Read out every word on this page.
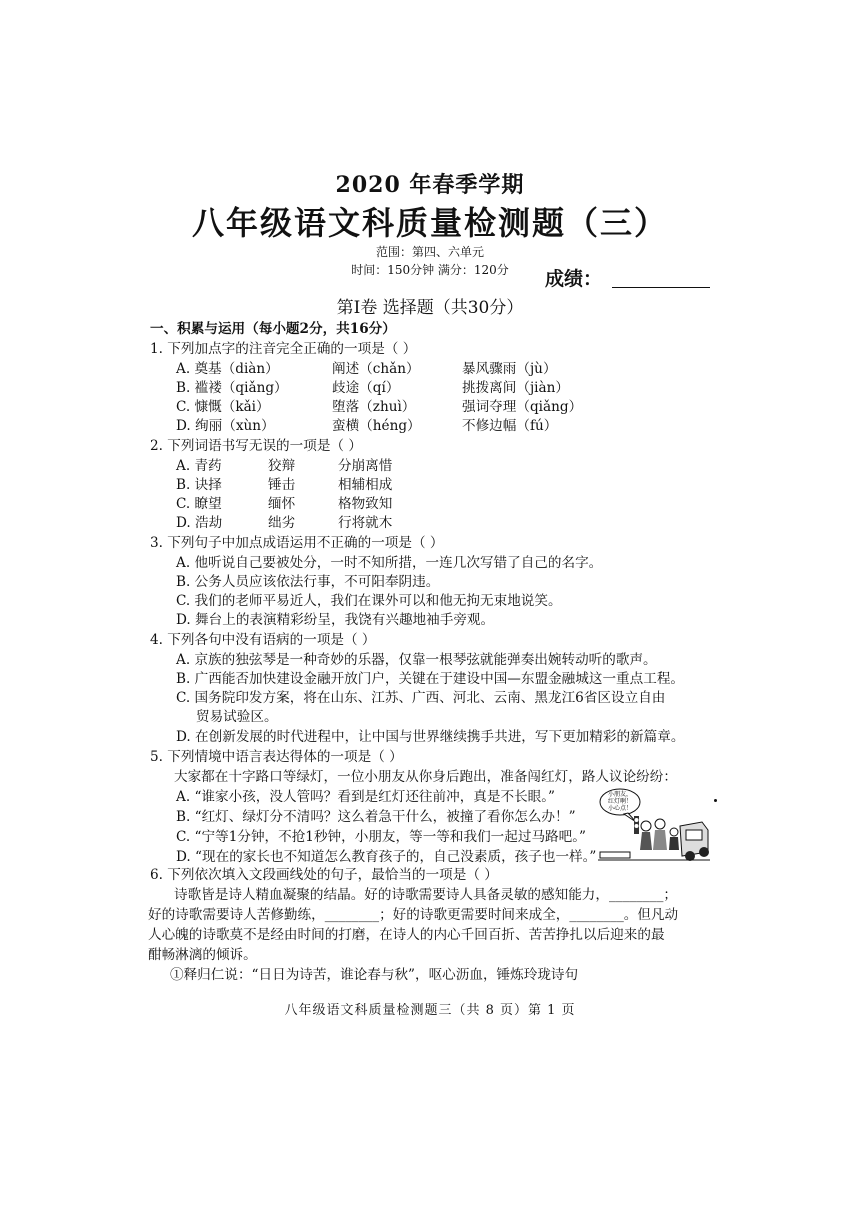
2020 年春季学期
八年级语文科质量检测题（三）
范围：第四、六单元
时间：150分钟 满分：120分	成绩：
第Ⅰ卷 选择题（共30分）
一、积累与运用（每小题2分，共16分）
1. 下列加点字的注音完全正确的一项是（ ）
A. 奠基（diàn）	阐述（chǎn）	暴风骤雨（jù）
B. 褴褛（qiǎng）	歧途（qí）	挑拨离间（jiàn）
C. 慷慨（kǎi）	堕落（zhuì）	强词夺理（qiǎng）
D. 绚丽（xùn）	蛮横（héng）	不修边幅（fú）
2. 下列词语书写无误的一项是（ ）
A. 青药	狡辩	分崩离惜
B. 诀择	锤击	相辅相成
C. 瞭望	缅怀	格物致知
D. 浩劫	绌劣	行将就木
3. 下列句子中加点成语运用不正确的一项是（ ）
A. 他听说自己要被处分，一时不知所措，一连几次写错了自己的名字。
B. 公务人员应该依法行事，不可阳奉阴违。
C. 我们的老师平易近人，我们在课外可以和他无拘无束地说笑。
D. 舞台上的表演精彩纷呈，我饶有兴趣地袖手旁观。
4. 下列各句中没有语病的一项是（ ）
A. 京族的独弦琴是一种奇妙的乐器，仅靠一根琴弦就能弹奏出婉转动听的歌声。
B. 广西能否加快建设金融开放门户，关键在于建设中国—东盟金融城这一重点工程。
C. 国务院印发方案，将在山东、江苏、广西、河北、云南、黑龙江6省区设立自由
贸易试验区。
D. 在创新发展的时代进程中，让中国与世界继续携手共进，写下更加精彩的新篇章。
5. 下列情境中语言表达得体的一项是（ ）
大家都在十字路口等绿灯，一位小朋友从你身后跑出，准备闯红灯，路人议论纷纷：
A. “谁家小孩，没人管吗？看到是红灯还往前冲，真是不长眼。”
B. “红灯、绿灯分不清吗？这么着急干什么，被撞了看你怎么办！”
C. “宁等1分钟，不抢1秒钟，小朋友，等一等和我们一起过马路吧。”
D. “现在的家长也不知道怎么教育孩子的，自己没素质，孩子也一样。”
小朋友，
红灯啊！
小心点！
6. 下列依次填入文段画线处的句子，最恰当的一项是（ ）
诗歌皆是诗人精血凝聚的结晶。好的诗歌需要诗人具备灵敏的感知能力，________；
好的诗歌需要诗人苦修勤练，________；好的诗歌更需要时间来成全，________。但凡动
人心魄的诗歌莫不是经由时间的打磨，在诗人的内心千回百折、苦苦挣扎以后迎来的最
酣畅淋漓的倾诉。
①释归仁说：“日日为诗苦，谁论春与秋”，呕心沥血，锤炼玲珑诗句
八年级语文科质量检测题三（共 8 页）第 1 页
